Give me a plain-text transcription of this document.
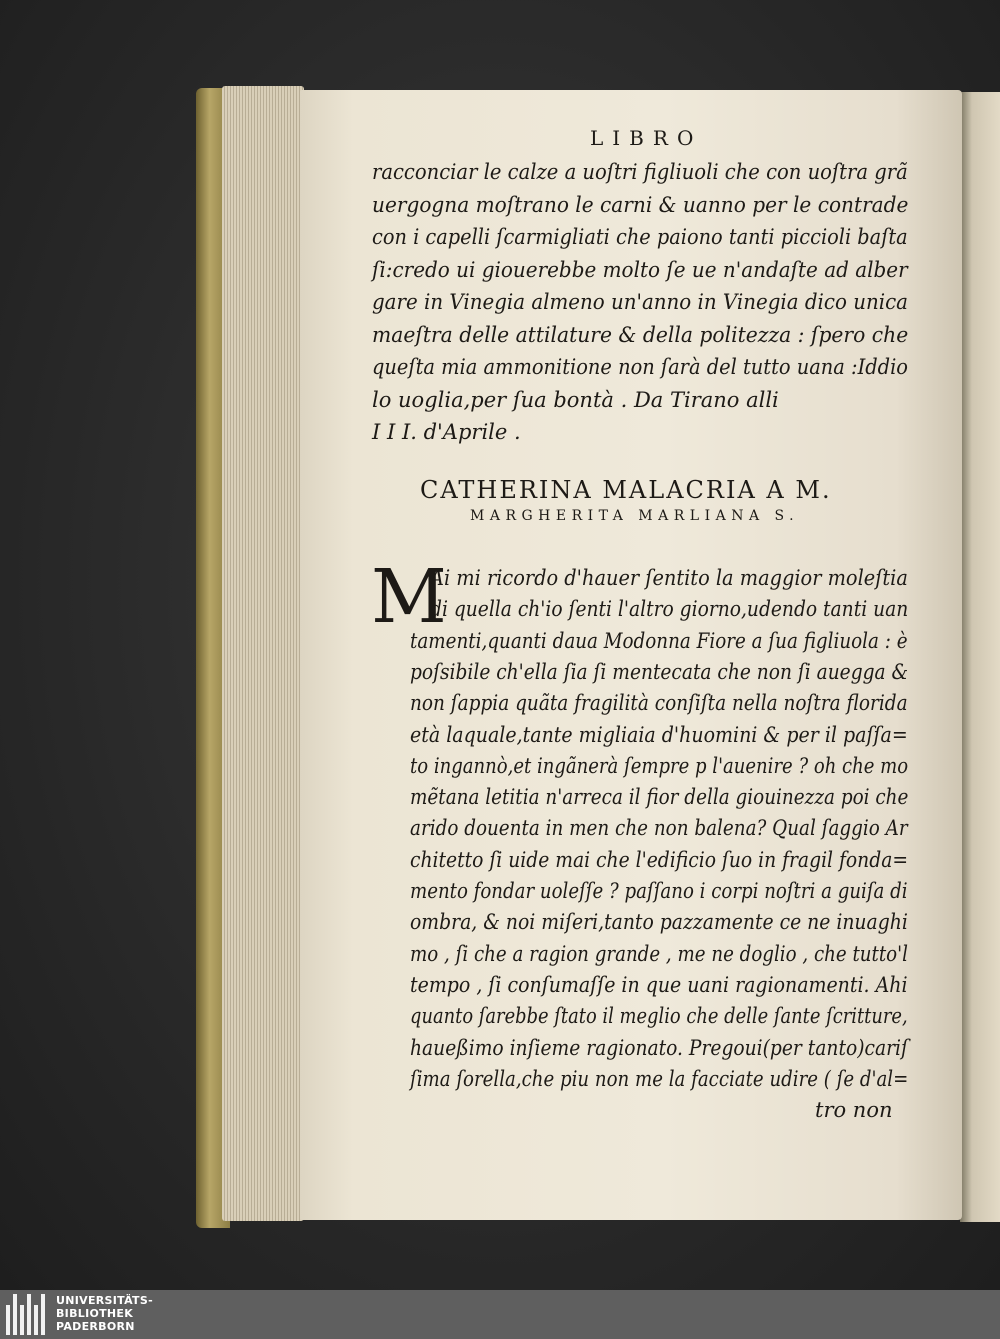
LIBRO
racconciar le calze a uoſtri figliuoli che con uoſtra grã
uergogna moſtrano le carni & uanno per le contrade
con i capelli ſcarmigliati che paiono tanti piccioli baſta
ſi:credo ui giouerebbe molto ſe ue n'andaſte ad alber
gare in Vinegia almeno un'anno in Vinegia dico unica
maeſtra delle attilature & della politezza : ſpero che
queſta mia ammonitione non ſarà del tutto uana :Iddio
lo uoglia,per ſua bontà . Da Tirano alli
I I I. d'Aprile .
CATHERINA MALACRIA A M.
MARGHERITA MARLIANA S.
M
Ai mi ricordo d'hauer ſentito la maggior moleſtia
di quella ch'io ſenti l'altro giorno,udendo tanti uan
tamenti,quanti daua Modonna Fiore a ſua figliuola : è
poſsibile ch'ella ſia ſi mentecata che non ſi auegga &
non ſappia quãta fragilità conſiſta nella noſtra florida
età laquale,tante migliaia d'huomini & per il paſſa=
to ingannò,et ingãnerà ſempre p l'auenire ? oh che mo
mẽtana letitia n'arreca il fior della giouinezza poi che
arido douenta in men che non balena? Qual ſaggio Ar
chitetto ſi uide mai che l'edificio ſuo in fragil fonda=
mento fondar uoleſſe ? paſſano i corpi noſtri a guiſa di
ombra, & noi miſeri,tanto pazzamente ce ne inuaghi
mo , ſi che a ragion grande , me ne doglio , che tutto'l
tempo , ſi conſumaſſe in que uani ragionamenti. Ahi
quanto ſarebbe ſtato il meglio che delle ſante ſcritture,
haueßimo inſieme ragionato. Pregoui(per tanto)cariſ
ſima ſorella,che piu non me la facciate udire ( ſe d'al=
tro non
UNIVERSITÄTS-
BIBLIOTHEK
PADERBORN
